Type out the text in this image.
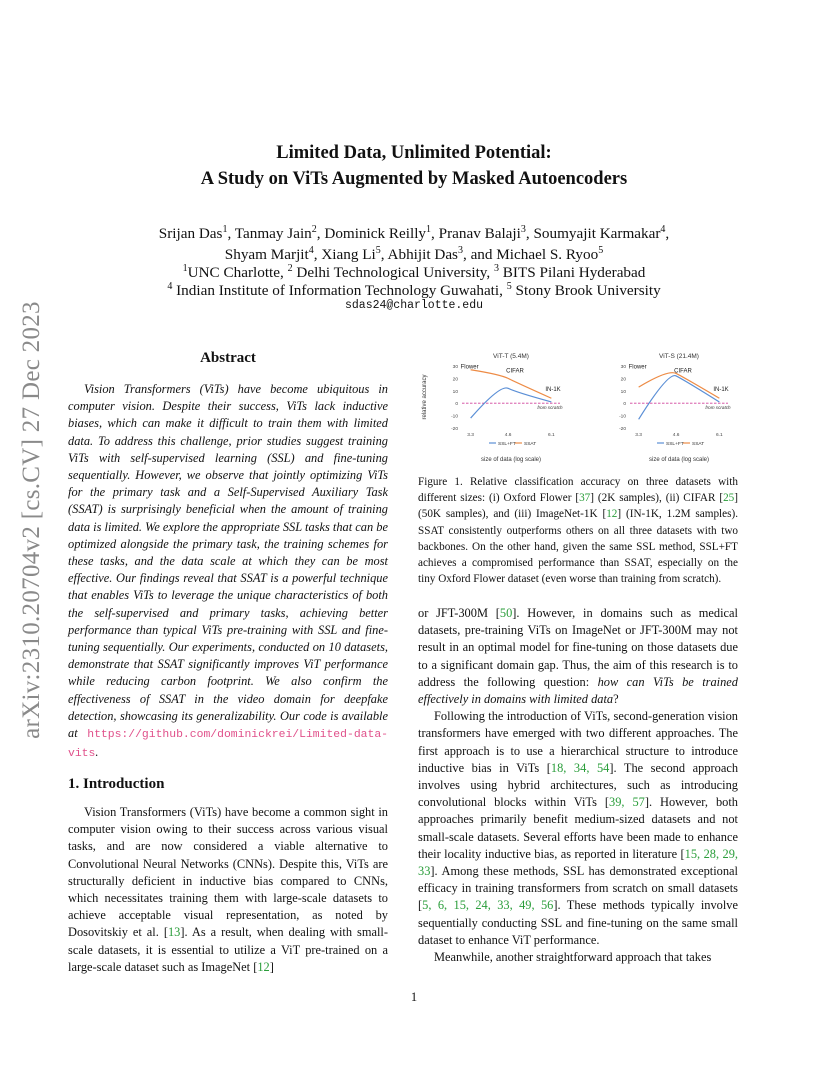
arXiv:2310.20704v2 [cs.CV] 27 Dec 2023
Limited Data, Unlimited Potential:
A Study on ViTs Augmented by Masked Autoencoders
Srijan Das$^1$, Tanmay Jain$^2$, Dominick Reilly$^1$, Pranav Balaji$^3$, Soumyajit Karmakar$^4$,
Shyam Marjit$^4$, Xiang Li$^5$, Abhijit Das$^3$, and Michael S. Ryoo$^5$
$^1$UNC Charlotte, $^2$ Delhi Technological University, $^3$ BITS Pilani Hyderabad
$^4$ Indian Institute of Information Technology Guwahati, $^5$ Stony Brook University
sdas24@charlotte.edu
Abstract

Vision Transformers (ViTs) have become ubiquitous in computer vision. Despite their success, ViTs lack inductive biases, which can make it difficult to train them with limited data. To address this challenge, prior studies suggest training ViTs with self-supervised learning (SSL) and fine-tuning sequentially. However, we observe that jointly optimizing ViTs for the primary task and a Self-Supervised Auxiliary Task (SSAT) is surprisingly beneficial when the amount of training data is limited. We explore the appropriate SSL tasks that can be optimized alongside the primary task, the training schemes for these tasks, and the data scale at which they can be most effective. Our findings reveal that SSAT is a powerful technique that enables ViTs to leverage the unique characteristics of both the self-supervised and primary tasks, achieving better performance than typical ViTs pre-training with SSL and fine-tuning sequentially. Our experiments, conducted on 10 datasets, demonstrate that SSAT significantly improves ViT performance while reducing carbon footprint. We also confirm the effectiveness of SSAT in the video domain for deepfake detection, showcasing its generalizability. Our code is available at https://github.com/dominickrei/Limited-data-vits.

1. Introduction

Vision Transformers (ViTs) have become a common sight in computer vision owing to their success across various visual tasks, and are now considered a viable alternative to Convolutional Neural Networks (CNNs). Despite this, ViTs are structurally deficient in inductive bias compared to CNNs, which necessitates training them with large-scale datasets to achieve acceptable visual representation, as noted by Dosovitskiy et al. [13]. As a result, when dealing with small-scale datasets, it is essential to utilize a ViT pre-trained on a large-scale dataset such as ImageNet [12]

ViT-T (5.4M)
relative accuracy
30
20
10
0
-10
-20
3.3	4.6	6.1
Flower
CIFAR
IN-1K
from scratch
SSL+FT SSAT
size of data (log scale)
ViT-S (21.4M)
30
20
10
0
-10
-20
3.3	4.6	6.1
Flower
CIFAR
IN-1K
from scratch
SSL+FT SSAT
size of data (log scale)
Figure 1. Relative classification accuracy on three datasets with different sizes: (i) Oxford Flower [37] (2K samples), (ii) CIFAR [25] (50K samples), and (iii) ImageNet-1K [12] (IN-1K, 1.2M samples). SSAT consistently outperforms others on all three datasets with two backbones. On the other hand, given the same SSL method, SSL+FT achieves a compromised performance than SSAT, especially on the tiny Oxford Flower dataset (even worse than training from scratch).

or JFT-300M [50]. However, in domains such as medical datasets, pre-training ViTs on ImageNet or JFT-300M may not result in an optimal model for fine-tuning on those datasets due to a significant domain gap. Thus, the aim of this research is to address the following question: how can ViTs be trained effectively in domains with limited data?

Following the introduction of ViTs, second-generation vision transformers have emerged with two different approaches. The first approach is to use a hierarchical structure to introduce inductive bias in ViTs [18, 34, 54]. The second approach involves using hybrid architectures, such as introducing convolutional blocks within ViTs [39, 57]. However, both approaches primarily benefit medium-sized datasets and not small-scale datasets. Several efforts have been made to enhance their locality inductive bias, as reported in literature [15, 28, 29, 33]. Among these methods, SSL has demonstrated exceptional efficacy in training transformers from scratch on small datasets [5, 6, 15, 24, 33, 49, 56]. These methods typically involve sequentially conducting SSL and fine-tuning on the same small dataset to enhance ViT performance.

Meanwhile, another straightforward approach that takes

1
